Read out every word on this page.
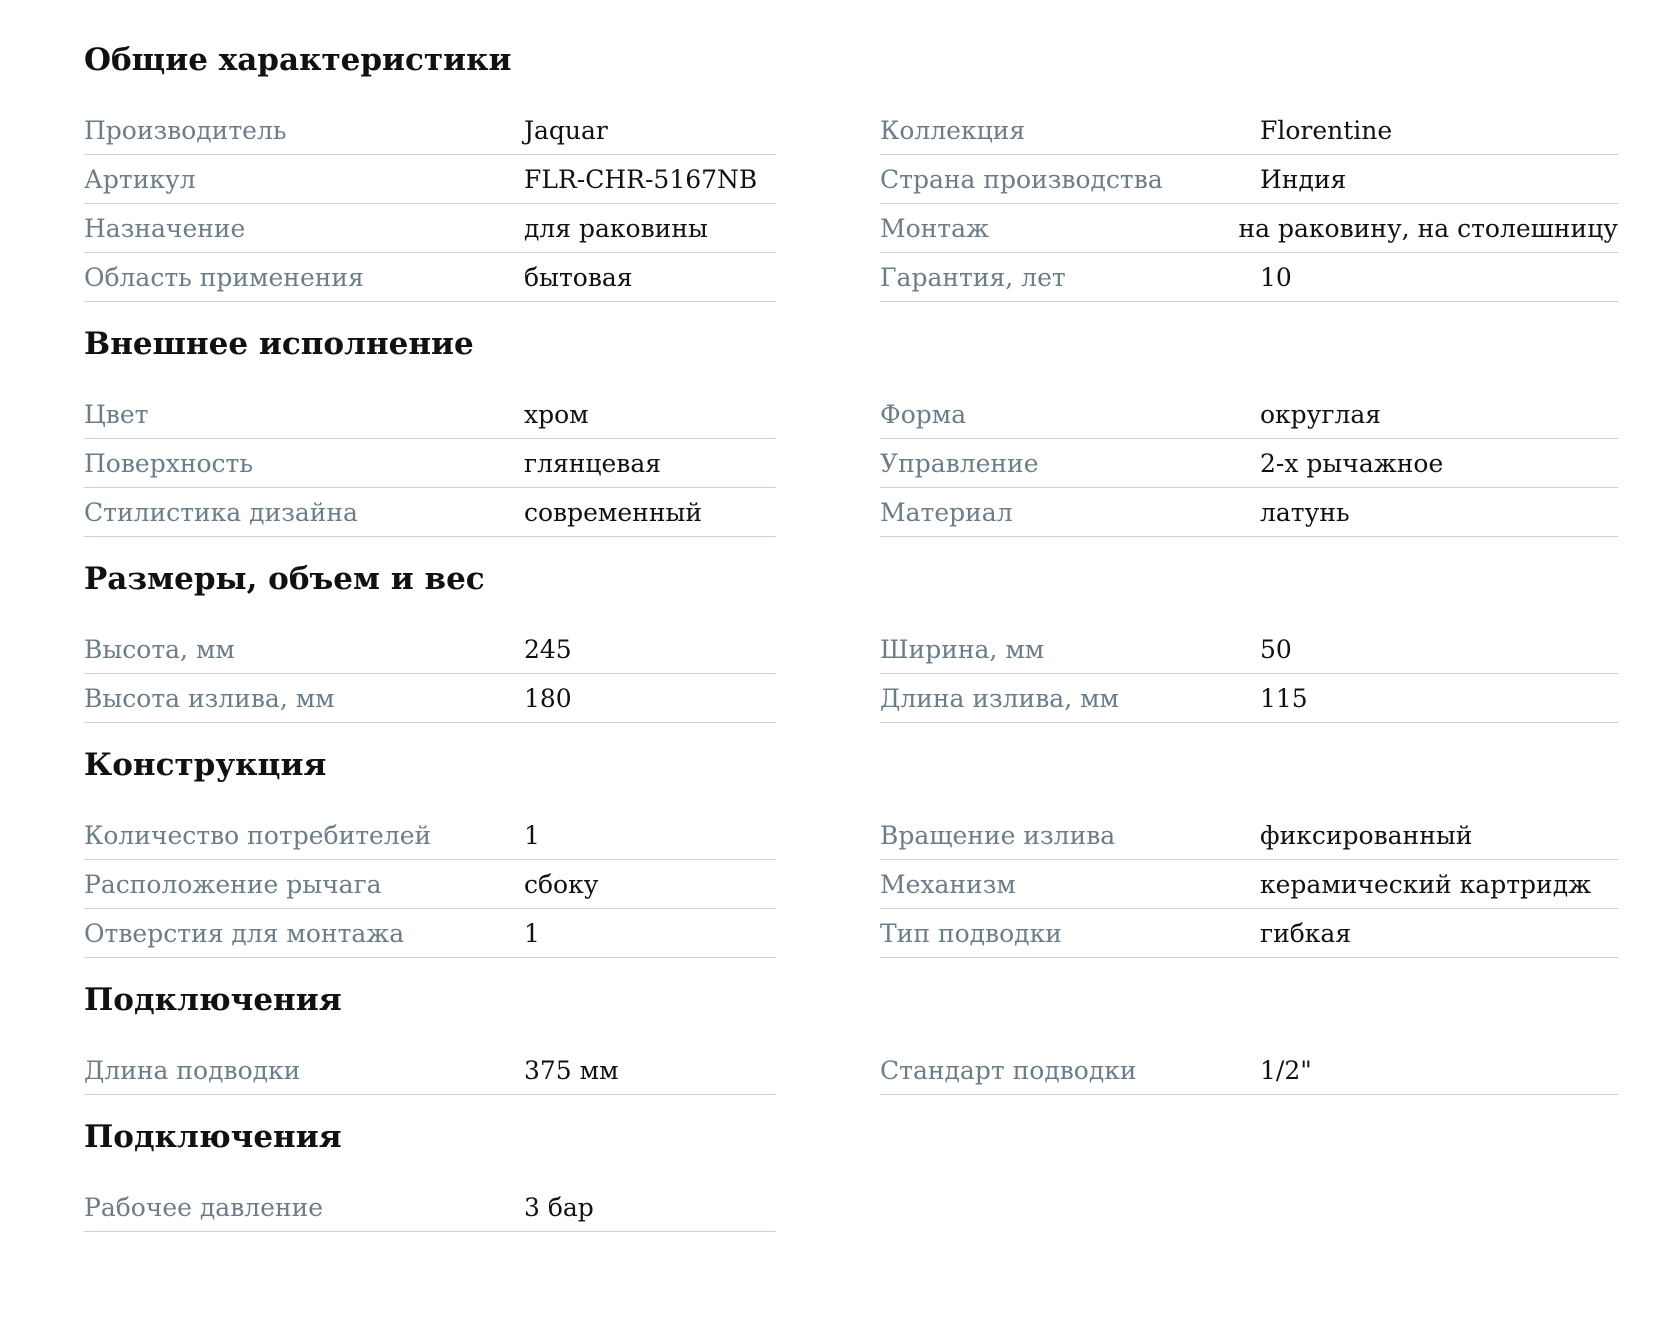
Общие характеристики
Производитель	Jaquar
Артикул	FLR-CHR-5167NB
Назначение	для раковины
Область применения	бытовая
Коллекция	Florentine
Страна производства	Индия
Монтаж	на раковину, на столешницу
Гарантия, лет	10
Внешнее исполнение
Цвет	хром
Поверхность	глянцевая
Стилистика дизайна	современный
Форма	округлая
Управление	2-х рычажное
Материал	латунь
Размеры, объем и вес
Высота, мм	245
Высота излива, мм	180
Ширина, мм	50
Длина излива, мм	115
Конструкция
Количество потребителей	1
Расположение рычага	сбоку
Отверстия для монтажа	1
Вращение излива	фиксированный
Механизм	керамический картридж
Тип подводки	гибкая
Подключения
Длина подводки	375 мм	Стандарт подводки	1/2"
Подключения
Рабочее давление	3 бар
